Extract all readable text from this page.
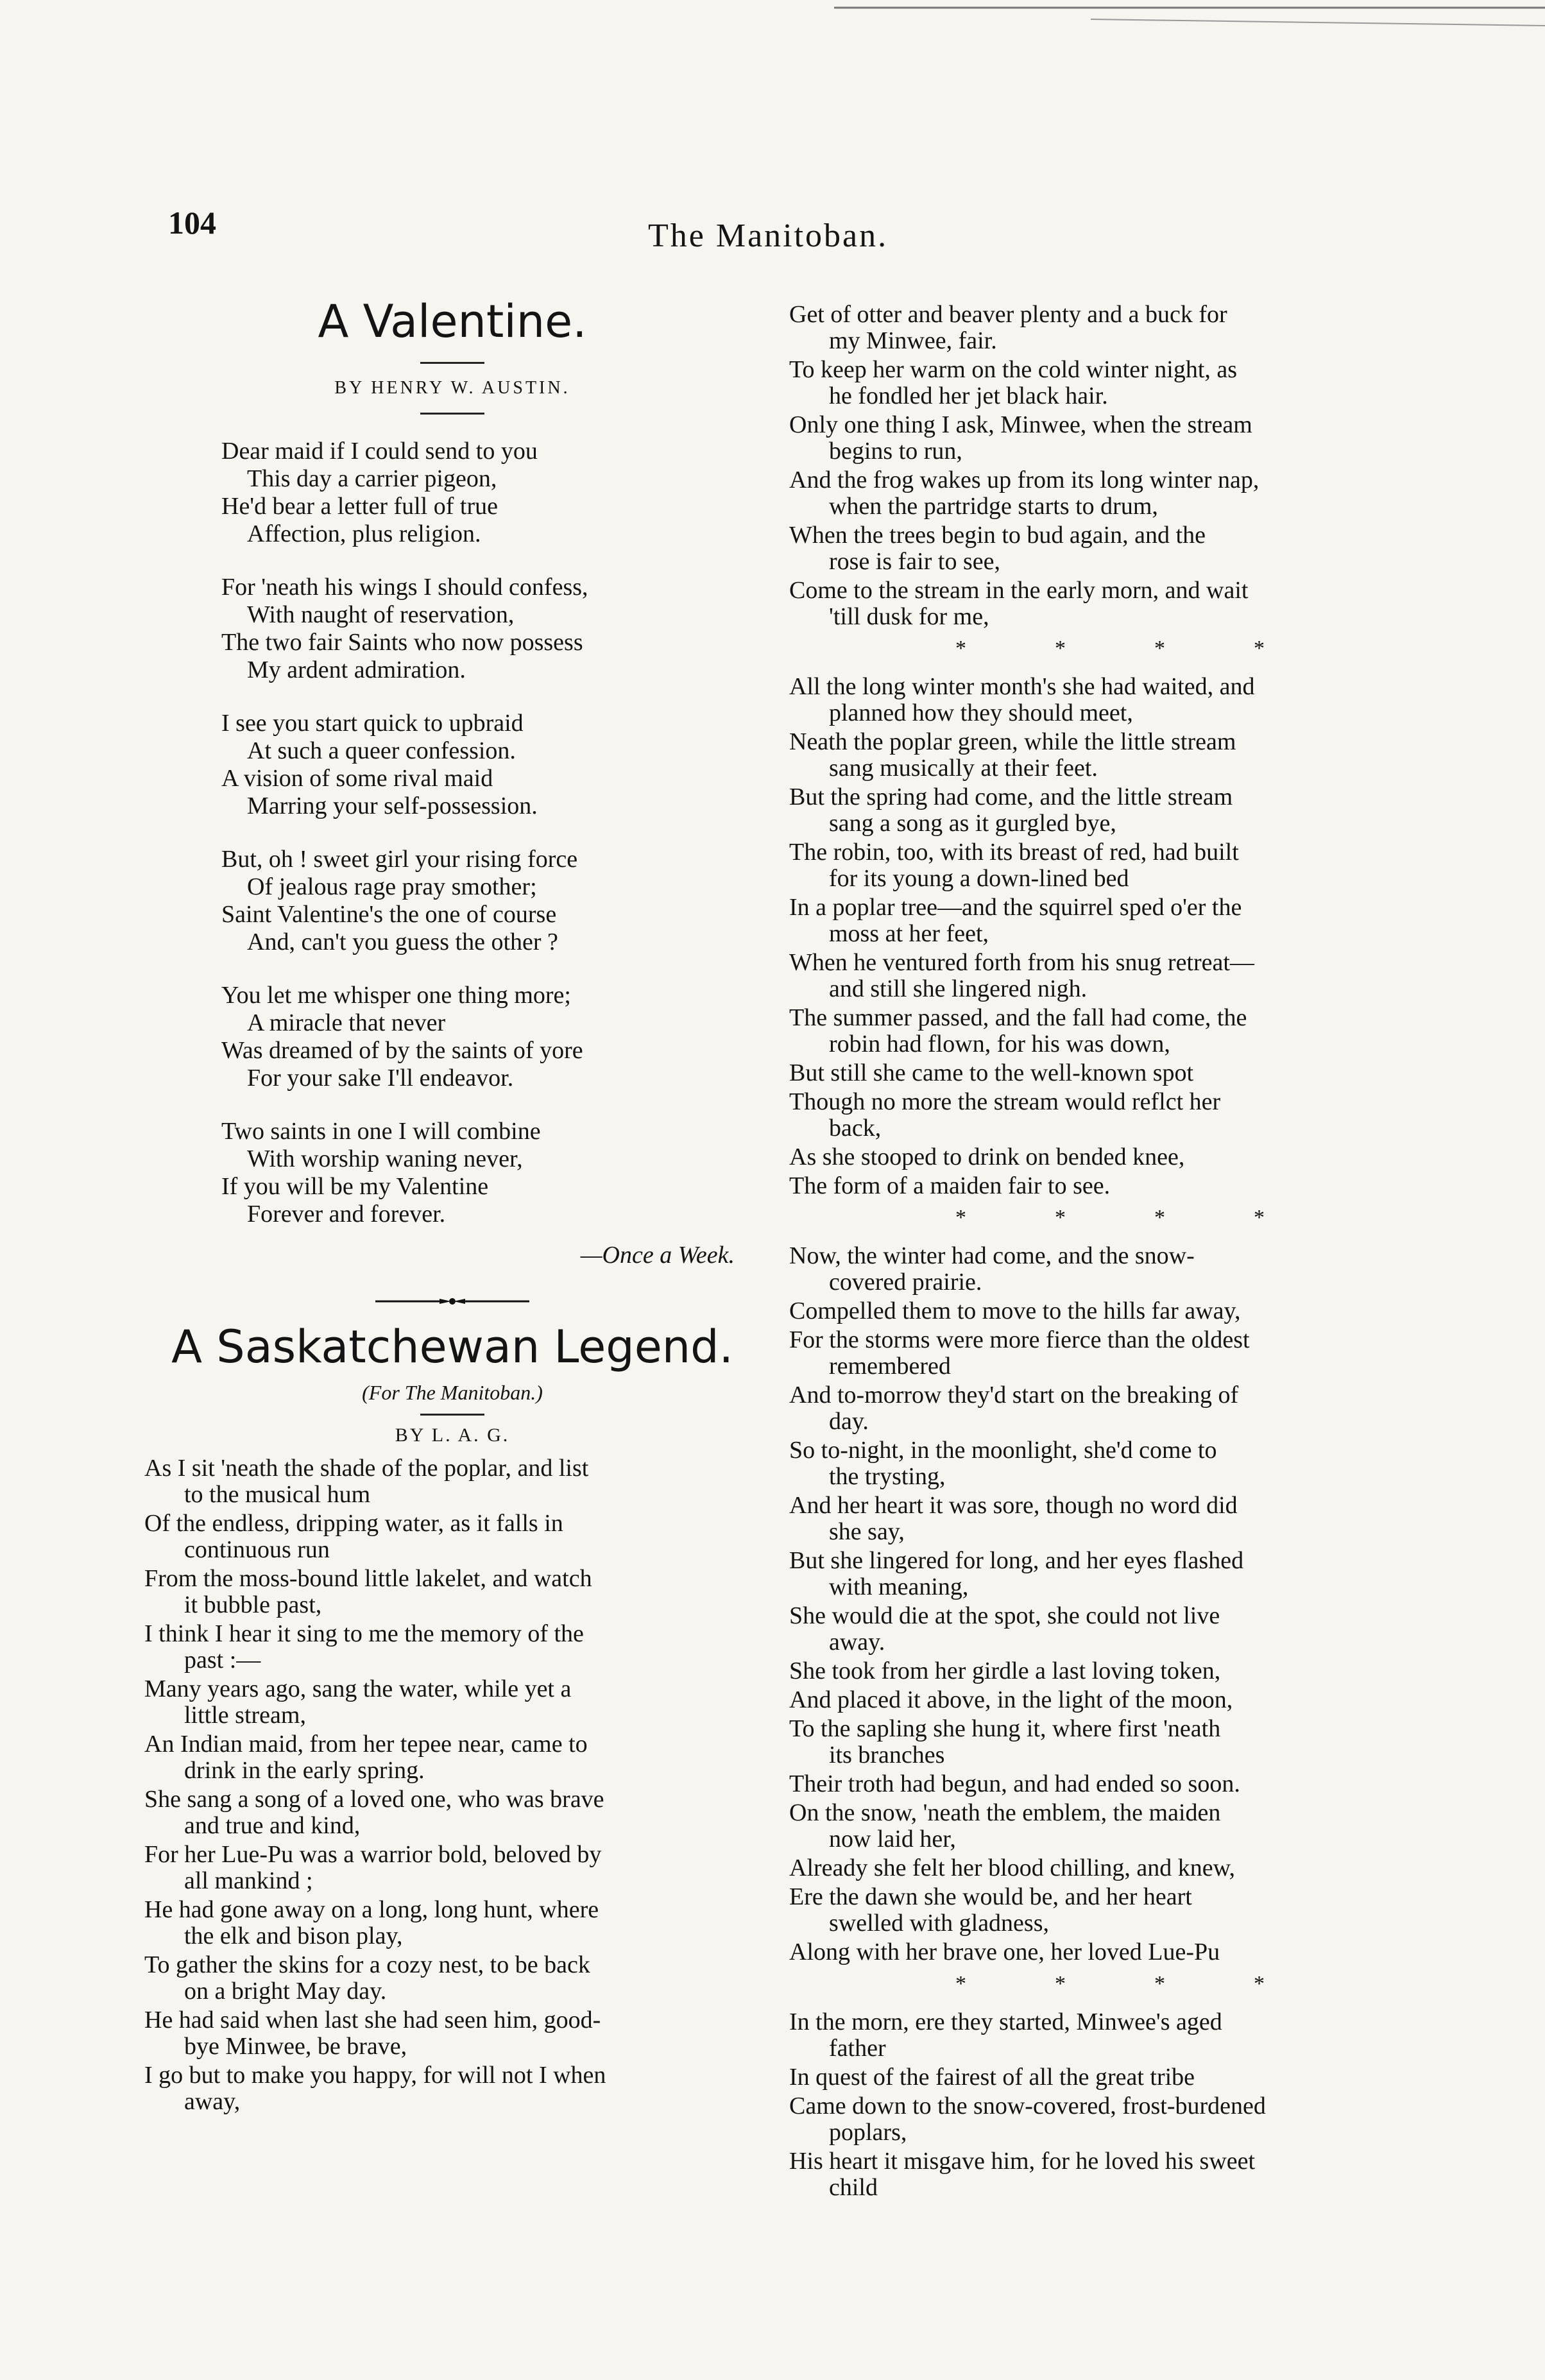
104	The Manitoban.
A Valentine.
BY HENRY W. AUSTIN.
Dear maid if I could send to you
This day a carrier pigeon,
He'd bear a letter full of true
Affection, plus religion.
For 'neath his wings I should confess,
With naught of reservation,
The two fair Saints who now possess
My ardent admiration.
I see you start quick to upbraid
At such a queer confession.
A vision of some rival maid
Marring your self-possession.
But, oh ! sweet girl your rising force
Of jealous rage pray smother;
Saint Valentine's the one of course
And, can't you guess the other ?
You let me whisper one thing more;
A miracle that never
Was dreamed of by the saints of yore
For your sake I'll endeavor.
Two saints in one I will combine
With worship waning never,
If you will be my Valentine
Forever and forever.
—Once a Week.
A Saskatchewan Legend.
(For The Manitoban.)
BY L. A. G.
As I sit 'neath the shade of the poplar, and list
to the musical hum
Of the endless, dripping water, as it falls in
continuous run
From the moss-bound little lakelet, and watch
it bubble past,
I think I hear it sing to me the memory of the
past :—
Many years ago, sang the water, while yet a
little stream,
An Indian maid, from her tepee near, came to
drink in the early spring.
She sang a song of a loved one, who was brave
and true and kind,
For her Lue-Pu was a warrior bold, beloved by
all mankind ;
He had gone away on a long, long hunt, where
the elk and bison play,
To gather the skins for a cozy nest, to be back
on a bright May day.
He had said when last she had seen him, good-
bye Minwee, be brave,
I go but to make you happy, for will not I when
away,
Get of otter and beaver plenty and a buck for
my Minwee, fair.
To keep her warm on the cold winter night, as
he fondled her jet black hair.
Only one thing I ask, Minwee, when the stream
begins to run,
And the frog wakes up from its long winter nap,
when the partridge starts to drum,
When the trees begin to bud again, and the
rose is fair to see,
Come to the stream in the early morn, and wait
'till dusk for me,
*	*	*	*
All the long winter month's she had waited, and
planned how they should meet,
Neath the poplar green, while the little stream
sang musically at their feet.
But the spring had come, and the little stream
sang a song as it gurgled bye,
The robin, too, with its breast of red, had built
for its young a down-lined bed
In a poplar tree—and the squirrel sped o'er the
moss at her feet,
When he ventured forth from his snug retreat—
and still she lingered nigh.
The summer passed, and the fall had come, the
robin had flown, for his was down,
But still she came to the well-known spot
Though no more the stream would reflct her
back,
As she stooped to drink on bended knee,
The form of a maiden fair to see.
*	*	*	*
Now, the winter had come, and the snow-
covered prairie.
Compelled them to move to the hills far away,
For the storms were more fierce than the oldest
remembered
And to-morrow they'd start on the breaking of
day.
So to-night, in the moonlight, she'd come to
the trysting,
And her heart it was sore, though no word did
she say,
But she lingered for long, and her eyes flashed
with meaning,
She would die at the spot, she could not live
away.
She took from her girdle a last loving token,
And placed it above, in the light of the moon,
To the sapling she hung it, where first 'neath
its branches
Their troth had begun, and had ended so soon.
On the snow, 'neath the emblem, the maiden
now laid her,
Already she felt her blood chilling, and knew,
Ere the dawn she would be, and her heart
swelled with gladness,
Along with her brave one, her loved Lue-Pu
*	*	*	*
In the morn, ere they started, Minwee's aged
father
In quest of the fairest of all the great tribe
Came down to the snow-covered, frost-burdened
poplars,
His heart it misgave him, for he loved his sweet
child
